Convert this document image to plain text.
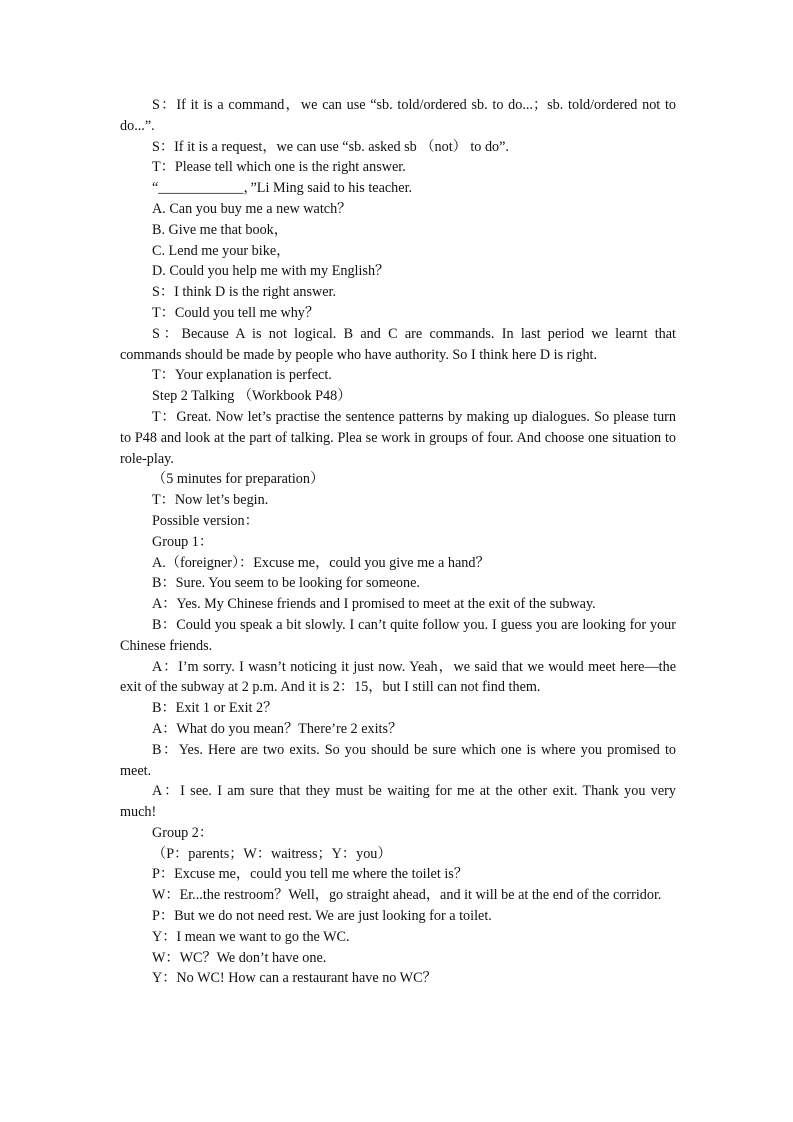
S：If it is a command，we can use “sb. told/ordered sb. to do...；sb. told/ordered not to do...”.

S：If it is a request，we can use “sb. asked sb （not） to do”.

T：Please tell which one is the right answer.

“____________，”Li Ming said to his teacher.

A. Can you buy me a new watch？

B. Give me that book，

C. Lend me your bike，

D. Could you help me with my English？

S：I think D is the right answer.

T：Could you tell me why？

S：Because A is not logical. B and C are commands. In last period we learnt that commands should be made by people who have authority. So I think here D is right.

T：Your explanation is perfect.

Step 2 Talking （Workbook P48）

T：Great. Now let’s practise the sentence patterns by making up dialogues. So please turn to P48 and look at the part of talking. Plea se work in groups of four. And choose one situation to role-play.

（5 minutes for preparation）

T：Now let’s begin.

Possible version：

Group 1：

A.（foreigner）：Excuse me，could you give me a hand？

B：Sure. You seem to be looking for someone.

A：Yes. My Chinese friends and I promised to meet at the exit of the subway.

B：Could you speak a bit slowly. I can’t quite follow you. I guess you are looking for your Chinese friends.

A：I’m sorry. I wasn’t noticing it just now. Yeah，we said that we would meet here—the exit of the subway at 2 p.m. And it is 2：15，but I still can not find them.

B：Exit 1 or Exit 2？

A：What do you mean？There’re 2 exits？

B：Yes. Here are two exits. So you should be sure which one is where you promised to meet.

A：I see. I am sure that they must be waiting for me at the other exit. Thank you very much!

Group 2：

（P：parents；W：waitress；Y：you）

P：Excuse me，could you tell me where the toilet is？

W：Er...the restroom？Well，go straight ahead，and it will be at the end of the corridor.

P：But we do not need rest. We are just looking for a toilet.

Y：I mean we want to go the WC.

W：WC？We don’t have one.

Y：No WC! How can a restaurant have no WC？
